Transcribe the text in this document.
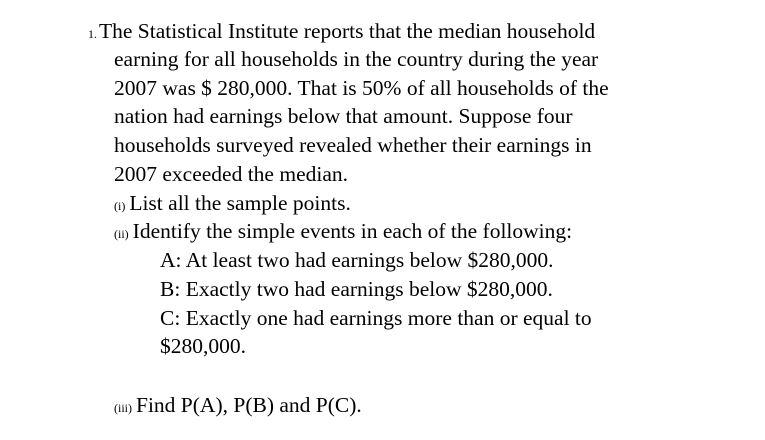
1.The Statistical Institute reports that the median household
earning for all households in the country during the year
2007 was $ 280,000. That is 50% of all households of the
nation had earnings below that amount. Suppose four
households surveyed revealed whether their earnings in
2007 exceeded the median.
(i) List all the sample points.
(ii) Identify the simple events in each of the following:
A: At least two had earnings below $280,000.
B: Exactly two had earnings below $280,000.
C: Exactly one had earnings more than or equal to
$280,000.
(iii) Find P(A), P(B) and P(C).
